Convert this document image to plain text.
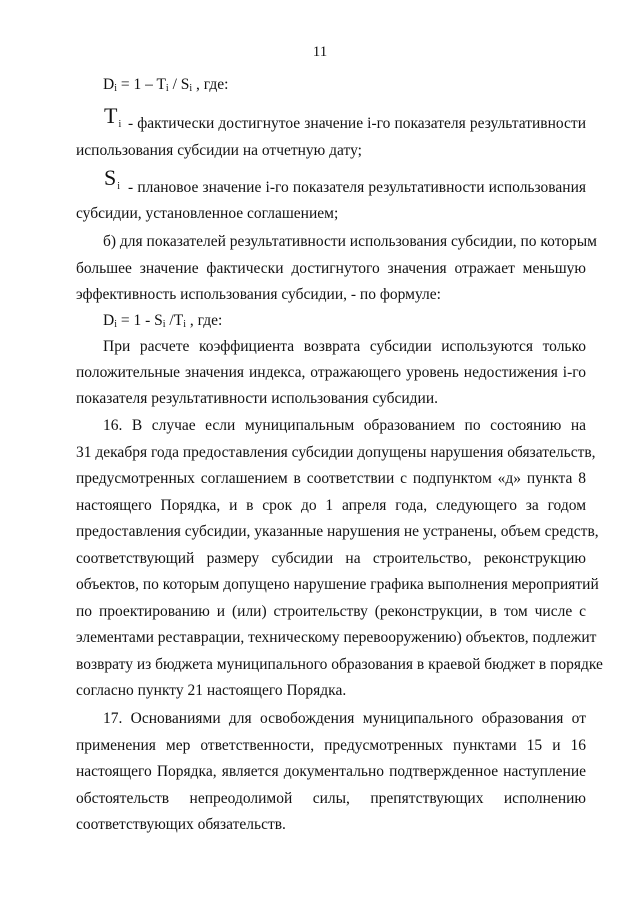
11
$D_i = 1 - T_i / S_i$ , где:
Ti - фактически достигнутое значение i-го показателя результативности
использования субсидии на отчетную дату;
Si - плановое значение i-го показателя результативности использования
субсидии, установленное соглашением;
б) для показателей результативности использования субсидии, по которым
большее значение фактически достигнутого значения отражает меньшую
эффективность использования субсидии, - по формуле:
$D_i = 1 - S_i$ $/T_i$ , где:
При расчете коэффициента возврата субсидии используются только
положительные значения индекса, отражающего уровень недостижения i-го
показателя результативности использования субсидии.
16. В случае если муниципальным образованием по состоянию на
31 декабря года предоставления субсидии допущены нарушения обязательств,
предусмотренных соглашением в соответствии с подпунктом «д» пункта 8
настоящего Порядка, и в срок до 1 апреля года, следующего за годом
предоставления субсидии, указанные нарушения не устранены, объем средств,
соответствующий размеру субсидии на строительство, реконструкцию
объектов, по которым допущено нарушение графика выполнения мероприятий
по проектированию и (или) строительству (реконструкции, в том числе с
элементами реставрации, техническому перевооружению) объектов, подлежит
возврату из бюджета муниципального образования в краевой бюджет в порядке
согласно пункту 21 настоящего Порядка.
17. Основаниями для освобождения муниципального образования от
применения мер ответственности, предусмотренных пунктами 15 и 16
настоящего Порядка, является документально подтвержденное наступление
обстоятельств непреодолимой силы, препятствующих исполнению
соответствующих обязательств.
